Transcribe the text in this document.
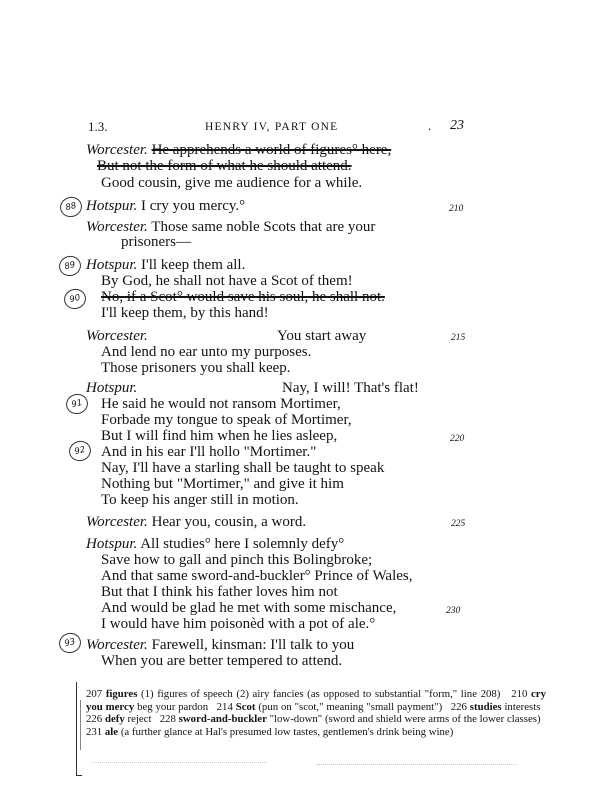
1.3.	HENRY IV, PART ONE	. 23
Worcester. He apprehends a world of figures° here,
But not the form of what he should attend.
Good cousin, give me audience for a while.
Hotspur. I cry you mercy.°	210
Worcester. Those same noble Scots that are your
prisoners—
Hotspur. I'll keep them all.
By God, he shall not have a Scot of them!
No, if a Scot° would save his soul, he shall not.
I'll keep them, by this hand!
Worcester.	You start away	215
And lend no ear unto my purposes.
Those prisoners you shall keep.
Hotspur.	Nay, I will! That's flat!
He said he would not ransom Mortimer,
Forbade my tongue to speak of Mortimer,
But I will find him when he lies asleep,	220
And in his ear I'll hollo "Mortimer."
Nay, I'll have a starling shall be taught to speak
Nothing but "Mortimer," and give it him
To keep his anger still in motion.
Worcester. Hear you, cousin, a word.	225
Hotspur. All studies° here I solemnly defy°
Save how to gall and pinch this Bolingbroke;
And that same sword-and-buckler° Prince of Wales,
But that I think his father loves him not
And would be glad he met with some mischance,	230
I would have him poisonèd with a pot of ale.°
Worcester. Farewell, kinsman: I'll talk to you
When you are better tempered to attend.
88
89
90
91
92
93
207 figures (1) figures of speech (2) airy fancies (as opposed to substantial "form," line 208) 210 cry you mercy beg your pardon 214 Scot (pun on "scot," meaning "small payment") 226 studies interests   226 defy reject 228 sword-and-buckler "low-down" (sword and shield were arms of the lower classes)   231 ale (a further glance at Hal's presumed low tastes, gentlemen's drink being wine)
